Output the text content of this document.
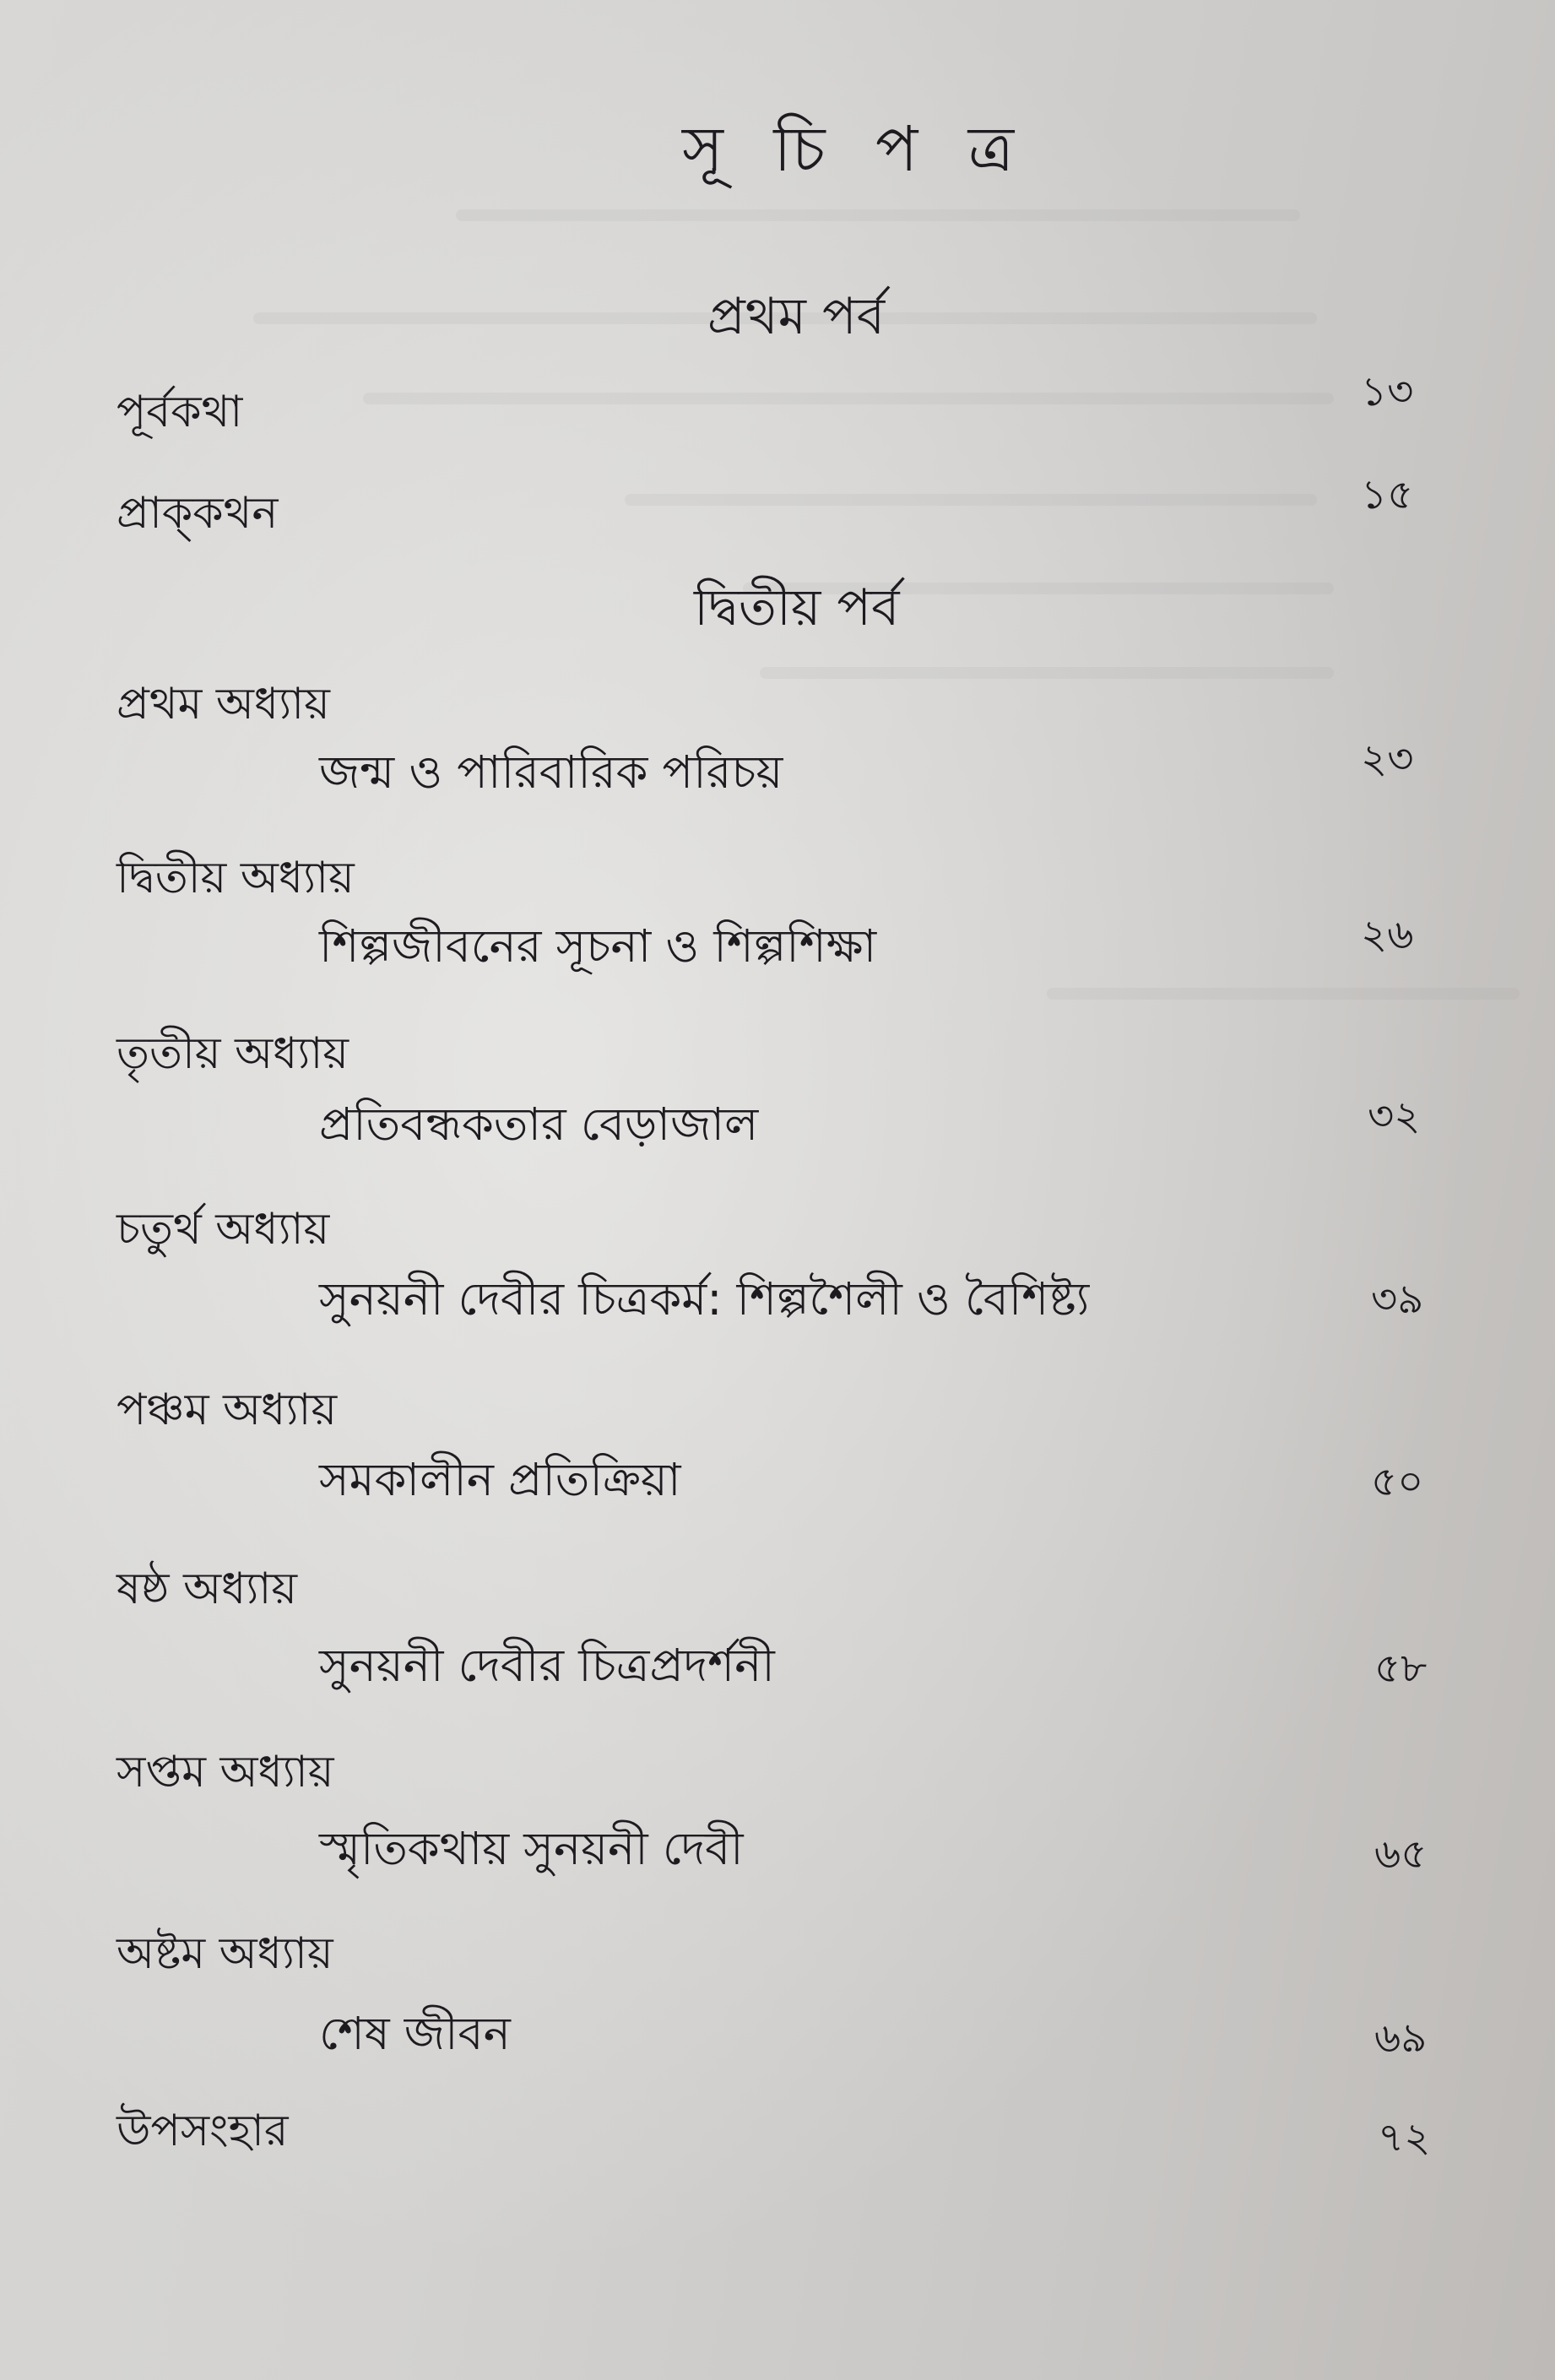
সূ চি প ত্র
প্রথম পর্ব
পূর্বকথা	১৩
প্রাক্‌কথন	১৫
দ্বিতীয় পর্ব
প্রথম অধ্যায়
জন্ম ও পারিবারিক পরিচয়	২৩
দ্বিতীয় অধ্যায়
শিল্পজীবনের সূচনা ও শিল্পশিক্ষা	২৬
তৃতীয় অধ্যায়
প্রতিবন্ধকতার বেড়াজাল	৩২
চতুর্থ অধ্যায়
সুনয়নী দেবীর চিত্রকর্ম: শিল্পশৈলী ও বৈশিষ্ট্য	৩৯
পঞ্চম অধ্যায়
সমকালীন প্রতিক্রিয়া	৫০
ষষ্ঠ অধ্যায়
সুনয়নী দেবীর চিত্রপ্রদর্শনী	৫৮
সপ্তম অধ্যায়
স্মৃতিকথায় সুনয়নী দেবী	৬৫
অষ্টম অধ্যায়
শেষ জীবন	৬৯
উপসংহার	৭২
